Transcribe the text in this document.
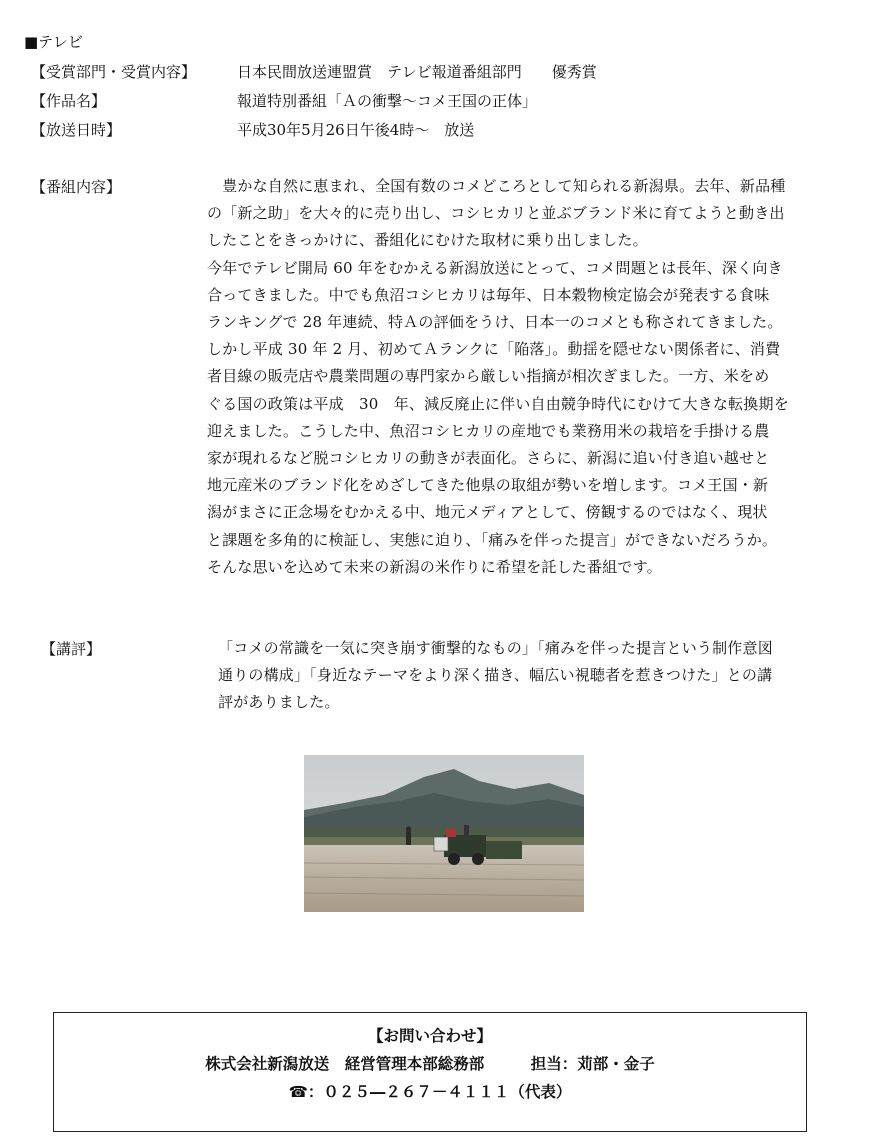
■テレビ
【受賞部門・受賞内容】	日本民間放送連盟賞　テレビ報道番組部門　　優秀賞
【作品名】	報道特別番組「Ａの衝撃～コメ王国の正体」
【放送日時】	平成30年5月26日午後4時～　放送
【番組内容】	　豊かな自然に恵まれ、全国有数のコメどころとして知られる新潟県。去年、新品種

の「新之助」を大々的に売り出し、コシヒカリと並ぶブランド米に育てようと動き出

したことをきっかけに、番組化にむけた取材に乗り出しました。

今年でテレビ開局 60 年をむかえる新潟放送にとって、コメ問題とは長年、深く向き

合ってきました。中でも魚沼コシヒカリは毎年、日本穀物検定協会が発表する食味

ランキングで 28 年連続、特Ａの評価をうけ、日本一のコメとも称されてきました。

しかし平成 30 年 2 月、初めてＡランクに「陥落」。動揺を隠せない関係者に、消費

者目線の販売店や農業問題の専門家から厳しい指摘が相次ぎました。一方、米をめ

ぐる国の政策は平成　30　年、減反廃止に伴い自由競争時代にむけて大きな転換期を

迎えました。こうした中、魚沼コシヒカリの産地でも業務用米の栽培を手掛ける農

家が現れるなど脱コシヒカリの動きが表面化。さらに、新潟に追い付き追い越せと

地元産米のブランド化をめざしてきた他県の取組が勢いを増します。コメ王国・新

潟がまさに正念場をむかえる中、地元メディアとして、傍観するのではなく、現状

と課題を多角的に検証し、実態に迫り、「痛みを伴った提言」ができないだろうか。

そんな思いを込めて未来の新潟の米作りに希望を託した番組です。

【講評】	「コメの常識を一気に突き崩す衝撃的なもの」「痛みを伴った提言という制作意図

通りの構成」「身近なテーマをより深く描き、幅広い視聴者を惹きつけた」との講

評がありました。

【お問い合わせ】
株式会社新潟放送　経営管理本部総務部　　　担当：苅部・金子
☎：０２５―２６７－４１１１（代表）
